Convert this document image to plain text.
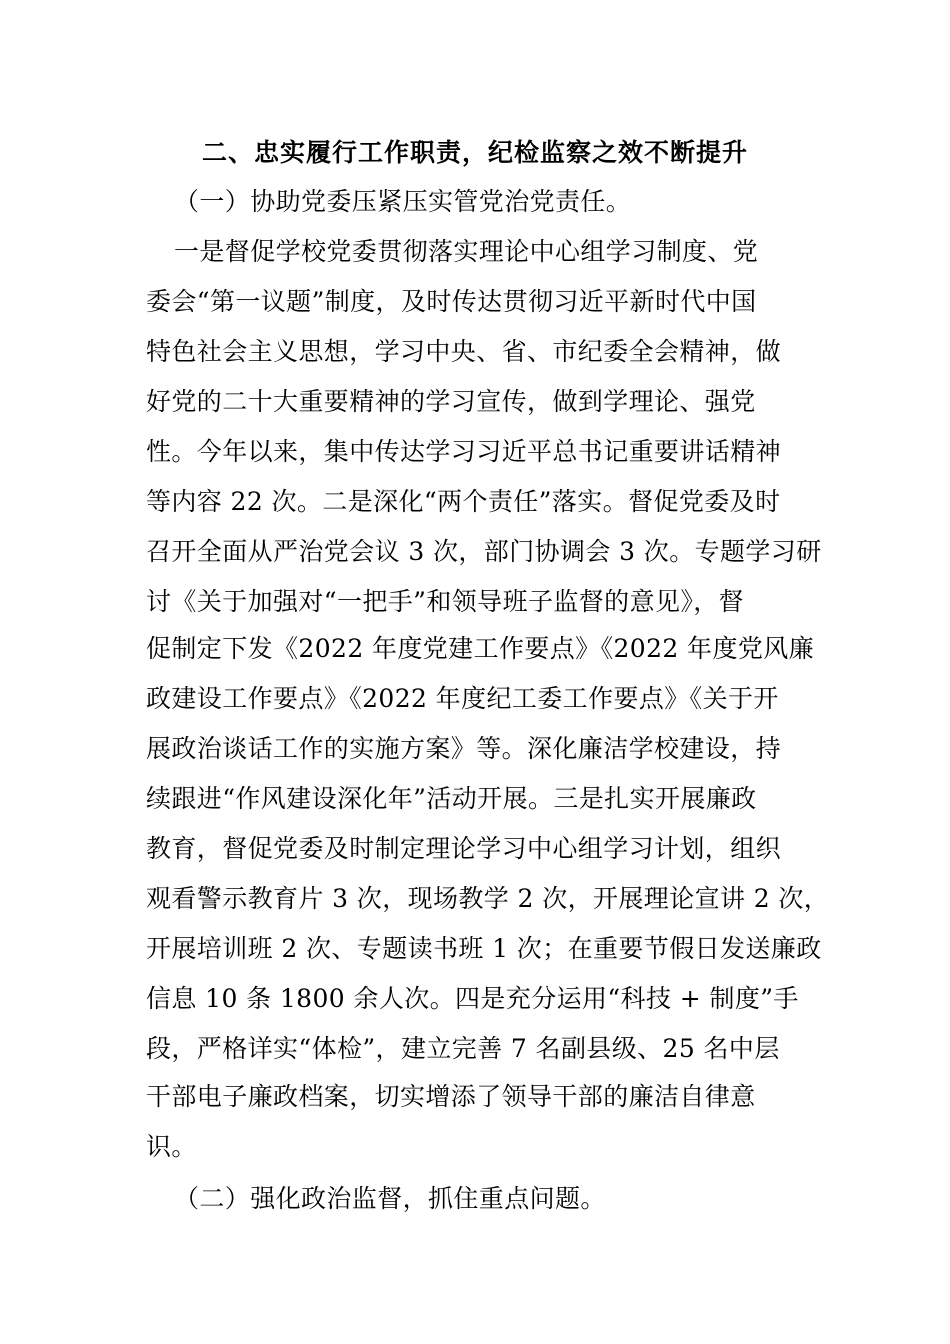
二、忠实履行工作职责，纪检监察之效不断提升
（一）协助党委压紧压实管党治党责任。
一是督促学校党委贯彻落实理论中心组学习制度、党
委会“第一议题”制度，及时传达贯彻习近平新时代中国
特色社会主义思想，学习中央、省、市纪委全会精神，做
好党的二十大重要精神的学习宣传，做到学理论、强党
性。今年以来，集中传达学习习近平总书记重要讲话精神
等内容 22 次。二是深化“两个责任”落实。督促党委及时
召开全面从严治党会议 3 次，部门协调会 3 次。专题学习研
讨《关于加强对“一把手”和领导班子监督的意见》，督
促制定下发《2022 年度党建工作要点》《2022 年度党风廉
政建设工作要点》《2022 年度纪工委工作要点》《关于开
展政治谈话工作的实施方案》等。深化廉洁学校建设，持
续跟进“作风建设深化年”活动开展。三是扎实开展廉政
教育，督促党委及时制定理论学习中心组学习计划，组织
观看警示教育片 3 次，现场教学 2 次，开展理论宣讲 2 次，
开展培训班 2 次、专题读书班 1 次；在重要节假日发送廉政
信息 10 条 1800 余人次。四是充分运用“科技 + 制度”手
段，严格详实“体检”，建立完善 7 名副县级、25 名中层
干部电子廉政档案，切实增添了领导干部的廉洁自律意
识。
（二）强化政治监督，抓住重点问题。
